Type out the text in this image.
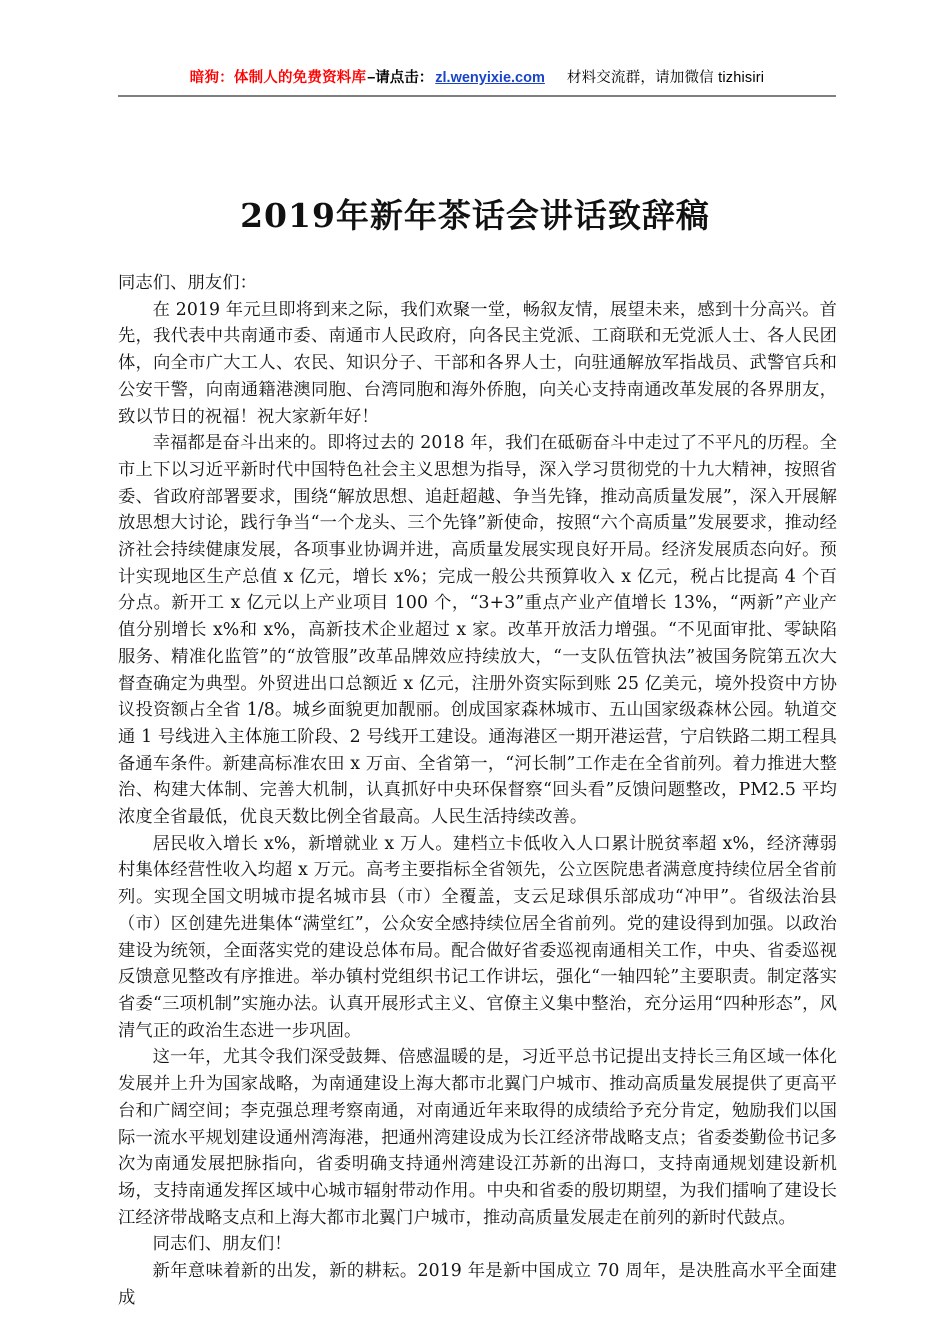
暗狗：体制人的免费资料库 –请点击： zl.wenyixie.com 材料交流群，请加微信 tizhisiri
2019年新年茶话会讲话致辞稿

同志们、朋友们：

在 2019 年元旦即将到来之际，我们欢聚一堂，畅叙友情，展望未来，感到十分高兴。首先，我代表中共南通市委、南通市人民政府，向各民主党派、工商联和无党派人士、各人民团体，向全市广大工人、农民、知识分子、干部和各界人士，向驻通解放军指战员、武警官兵和公安干警，向南通籍港澳同胞、台湾同胞和海外侨胞，向关心支持南通改革发展的各界朋友，致以节日的祝福！祝大家新年好！

幸福都是奋斗出来的。即将过去的 2018 年，我们在砥砺奋斗中走过了不平凡的历程。全市上下以习近平新时代中国特色社会主义思想为指导，深入学习贯彻党的十九大精神，按照省委、省政府部署要求，围绕“解放思想、追赶超越、争当先锋，推动高质量发展”，深入开展解放思想大讨论，践行争当“一个龙头、三个先锋”新使命，按照“六个高质量”发展要求，推动经济社会持续健康发展，各项事业协调并进，高质量发展实现良好开局。经济发展质态向好。预计实现地区生产总值 x 亿元，增长 x%；完成一般公共预算收入 x 亿元，税占比提高 4 个百分点。新开工 x 亿元以上产业项目 100 个，“3+3”重点产业产值增长 13%，“两新”产业产值分别增长 x%和 x%，高新技术企业超过 x 家。改革开放活力增强。“不见面审批、零缺陷服务、精准化监管”的“放管服”改革品牌效应持续放大，“一支队伍管执法”被国务院第五次大督查确定为典型。外贸进出口总额近 x 亿元，注册外资实际到账 25 亿美元，境外投资中方协议投资额占全省 1/8。城乡面貌更加靓丽。创成国家森林城市、五山国家级森林公园。轨道交通 1 号线进入主体施工阶段、2 号线开工建设。通海港区一期开港运营，宁启铁路二期工程具备通车条件。新建高标准农田 x 万亩、全省第一，“河长制”工作走在全省前列。着力推进大整治、构建大体制、完善大机制，认真抓好中央环保督察“回头看”反馈问题整改，PM2.5 平均浓度全省最低，优良天数比例全省最高。人民生活持续改善。

居民收入增长 x%，新增就业 x 万人。建档立卡低收入人口累计脱贫率超 x%，经济薄弱村集体经营性收入均超 x 万元。高考主要指标全省领先，公立医院患者满意度持续位居全省前列。实现全国文明城市提名城市县（市）全覆盖，支云足球俱乐部成功“冲甲”。省级法治县（市）区创建先进集体“满堂红”，公众安全感持续位居全省前列。党的建设得到加强。以政治建设为统领，全面落实党的建设总体布局。配合做好省委巡视南通相关工作，中央、省委巡视反馈意见整改有序推进。举办镇村党组织书记工作讲坛，强化“一轴四轮”主要职责。制定落实省委“三项机制”实施办法。认真开展形式主义、官僚主义集中整治，充分运用“四种形态”，风清气正的政治生态进一步巩固。

这一年，尤其令我们深受鼓舞、倍感温暖的是，习近平总书记提出支持长三角区域一体化发展并上升为国家战略，为南通建设上海大都市北翼门户城市、推动高质量发展提供了更高平台和广阔空间；李克强总理考察南通，对南通近年来取得的成绩给予充分肯定，勉励我们以国际一流水平规划建设通州湾海港，把通州湾建设成为长江经济带战略支点；省委娄勤俭书记多次为南通发展把脉指向，省委明确支持通州湾建设江苏新的出海口，支持南通规划建设新机场，支持南通发挥区域中心城市辐射带动作用。中央和省委的殷切期望，为我们擂响了建设长江经济带战略支点和上海大都市北翼门户城市，推动高质量发展走在前列的新时代鼓点。

同志们、朋友们！

新年意味着新的出发，新的耕耘。2019 年是新中国成立 70 周年，是决胜高水平全面建成
